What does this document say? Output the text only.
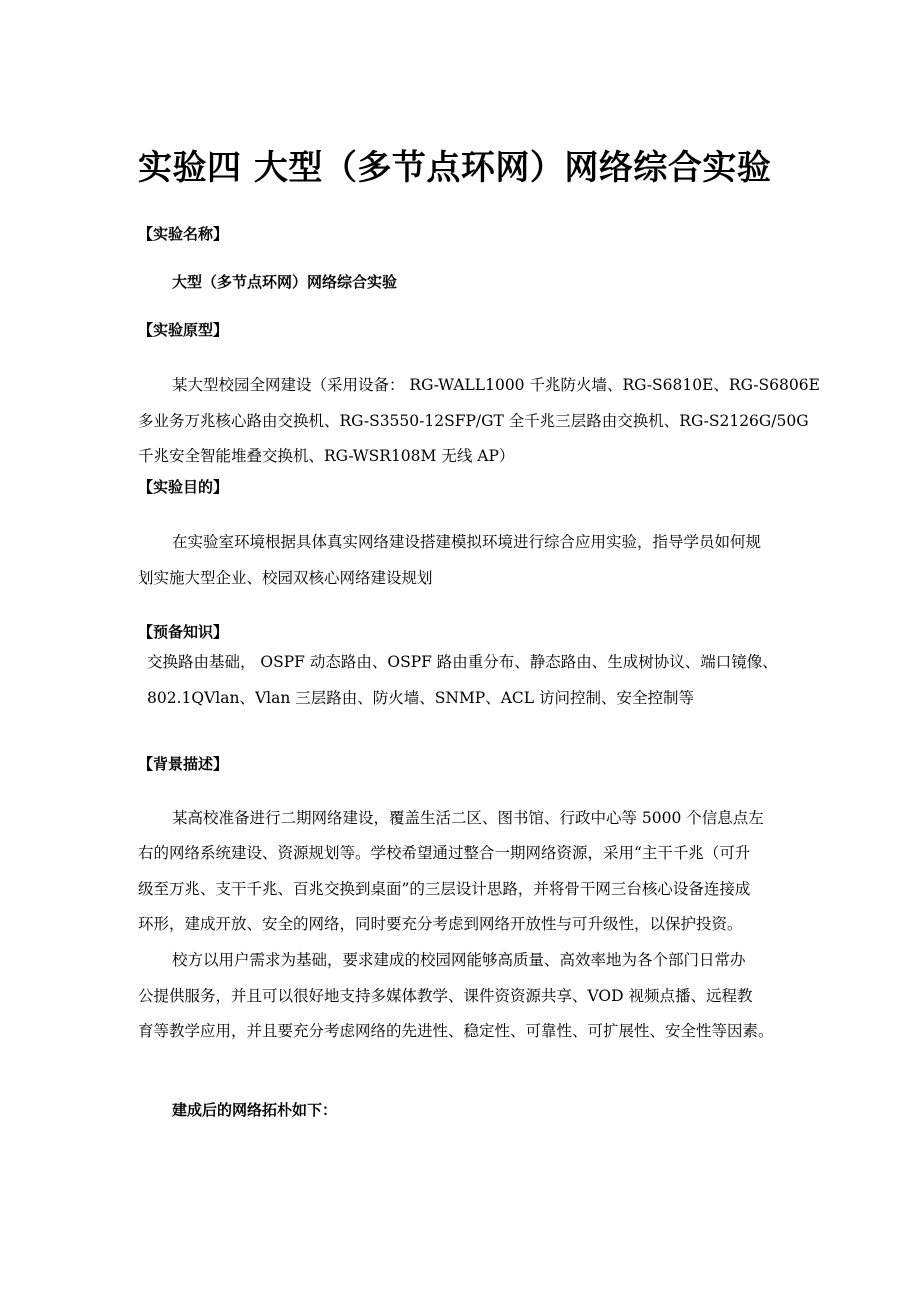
实验四 大型（多节点环网）网络综合实验
【实验名称】
大型（多节点环网）网络综合实验
【实验原型】
某大型校园全网建设（采用设备： RG-WALL1000 千兆防火墙、RG-S6810E、RG-S6806E
多业务万兆核心路由交换机、RG-S3550-12SFP/GT 全千兆三层路由交换机、RG-S2126G/50G
千兆安全智能堆叠交换机、RG-WSR108M 无线 AP）
【实验目的】
在实验室环境根据具体真实网络建设搭建模拟环境进行综合应用实验，指导学员如何规
划实施大型企业、校园双核心网络建设规划
【预备知识】
交换路由基础， OSPF 动态路由、OSPF 路由重分布、静态路由、生成树协议、端口镜像、
802.1QVlan、Vlan 三层路由、防火墙、SNMP、ACL 访问控制、安全控制等
【背景描述】
某高校准备进行二期网络建设，覆盖生活二区、图书馆、行政中心等 5000 个信息点左
右的网络系统建设、资源规划等。学校希望通过整合一期网络资源，采用“主干千兆（可升
级至万兆、支干千兆、百兆交换到桌面”的三层设计思路，并将骨干网三台核心设备连接成
环形，建成开放、安全的网络，同时要充分考虑到网络开放性与可升级性，以保护投资。
校方以用户需求为基础，要求建成的校园网能够高质量、高效率地为各个部门日常办
公提供服务，并且可以很好地支持多媒体教学、课件资资源共享、VOD 视频点播、远程教
育等教学应用，并且要充分考虑网络的先进性、稳定性、可靠性、可扩展性、安全性等因素。
建成后的网络拓朴如下：
